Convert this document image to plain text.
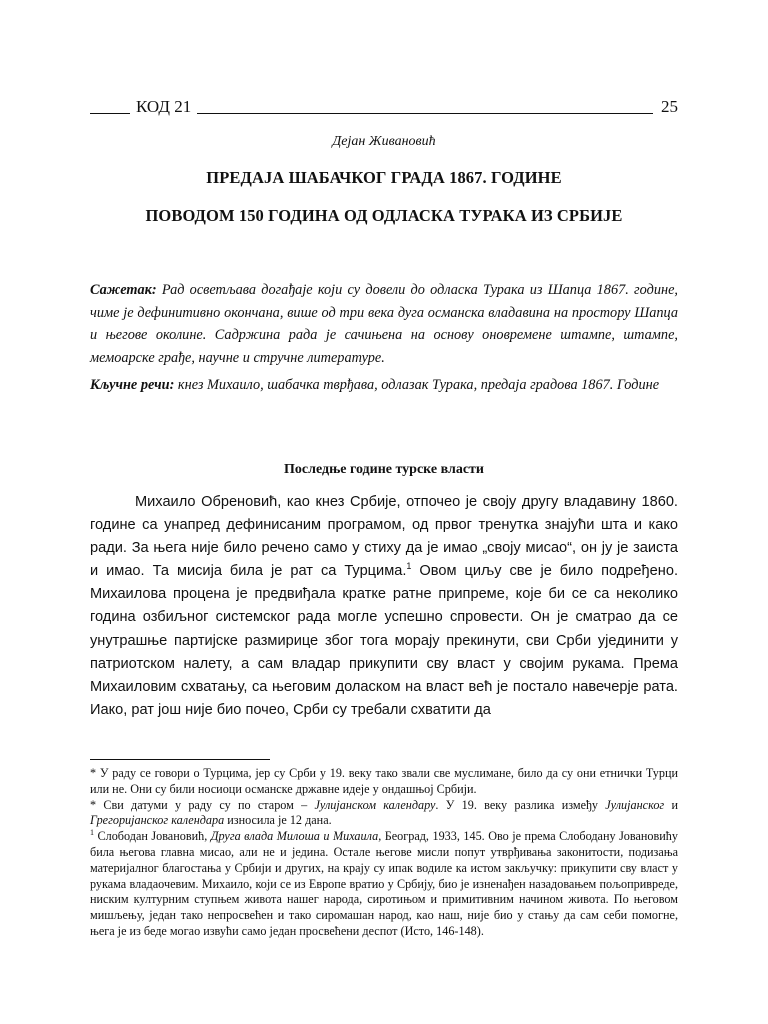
КОД 21	25
Дејан Живановић
ПРЕДАЈА ШАБАЧКОГ ГРАДА 1867. ГОДИНЕ
ПОВОДОМ 150 ГОДИНА ОД ОДЛАСКА ТУРАКА ИЗ СРБИЈЕ
Сажетак: Рад осветљава догађаје који су довели до одласка Турака из Шапца 1867. године, чиме је дефинитивно окончана, више од три века дуга османска владавина на простору Шапца и његове околине. Садржина рада је сачињена на основу оновремене штампе, штампе, мемоарске грађе, научне и стручне литературе.
Кључне речи: кнез Михаило, шабачка тврђава, одлазак Турака, предаја градова 1867. Године
Последње године турске власти

Михаило Обреновић, као кнез Србије, отпочео је своју другу владавину 1860. године са унапред дефинисаним програмом, од првог тренутка знајући шта и како ради. За њега није било речено само у стиху да је имао „своју мисао“, он ју је заиста и имао. Та мисија била је рат са Турцима.$^1$ Овом циљу све је било подређено. Михаилова процена је предвиђала кратке ратне припреме, које би се са неколико година озбиљног системског рада могле успешно спровести. Он је сматрао да се унутрашње партијске размирице због тога морају прекинути, сви Срби ујединити у патриотском налету, а сам владар прикупити сву власт у својим рукама. Према Михаиловим схватању, са његовим доласком на власт већ је постало навечерје рата. Иако, рат још није био почео, Срби су требали схватити да

* У раду се говори о Турцима, јер су Срби у 19. веку тако звали све муслимане, било да су они етнички Турци или не. Они су били носиоци османске државне идеје у ондашњој Србији.

* Сви датуми у раду су по старом – Јулијанском календару. У 19. веку разлика између Јулијанског и Грегоријанског календара износила је 12 дана.

$^1$ Слободан Јовановић, Друга влада Милоша и Михаила, Београд, 1933, 145. Ово је према Слободану Јовановићу била његова главна мисао, али не и једина. Остале његове мисли попут утврђивања законитости, подизања материјалног благостања у Србији и других, на крају су ипак водиле ка истом закључку: прикупити сву власт у рукама владаочевим. Михаило, који се из Европе вратио у Србију, био је изненађен назадовањем пољопривреде, ниским културним ступњем живота нашег народа, сиротињом и примитивним начином живота. По његовом мишљењу, један тако непросвећен и тако сиромашан народ, као наш, није био у стању да сам себи помогне, њега је из беде могао извући само један просвећени деспот (Исто, 146-148).
